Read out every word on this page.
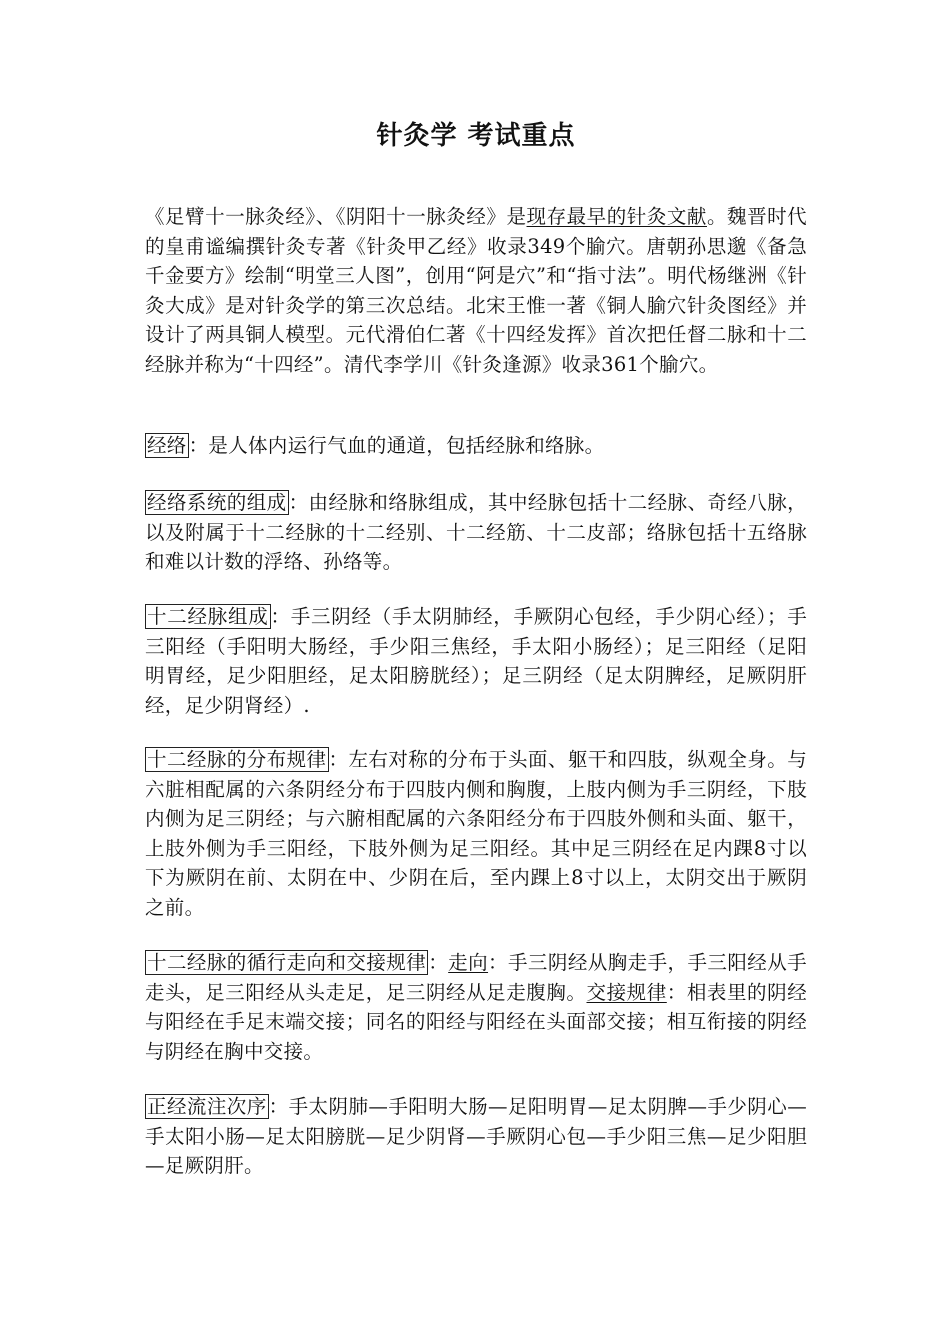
针灸学 考试重点

《足臂十一脉灸经》、《阴阳十一脉灸经》是现存最早的针灸文献。魏晋时代的皇甫谧编撰针灸专著《针灸甲乙经》收录349个腧穴。唐朝孙思邈《备急千金要方》绘制“明堂三人图”，创用“阿是穴”和“指寸法”。明代杨继洲《针灸大成》是对针灸学的第三次总结。北宋王惟一著《铜人腧穴针灸图经》并设计了两具铜人模型。元代滑伯仁著《十四经发挥》首次把任督二脉和十二经脉并称为“十四经”。清代李学川《针灸逢源》收录361个腧穴。

经络 ：是人体内运行气血的通道，包括经脉和络脉。

经络系统的组成 ：由经脉和络脉组成，其中经脉包括十二经脉、奇经八脉，以及附属于十二经脉的十二经别、十二经筋、十二皮部；络脉包括十五络脉和难以计数的浮络、孙络等。

十二经脉组成 ：手三阴经（手太阴肺经，手厥阴心包经，手少阴心经）；手三阳经（手阳明大肠经，手少阳三焦经，手太阳小肠经）；足三阳经（足阳明胃经，足少阳胆经，足太阳膀胱经）；足三阴经（足太阴脾经，足厥阴肝经，足少阴肾经）.

十二经脉的分布规律 ：左右对称的分布于头面、躯干和四肢，纵观全身。与六脏相配属的六条阴经分布于四肢内侧和胸腹，上肢内侧为手三阴经，下肢内侧为足三阴经；与六腑相配属的六条阳经分布于四肢外侧和头面、躯干，上肢外侧为手三阳经，下肢外侧为足三阳经。其中足三阴经在足内踝8寸以下为厥阴在前、太阴在中、少阴在后，至内踝上8寸以上，太阴交出于厥阴之前。

十二经脉的循行走向和交接规律 ：走向：手三阴经从胸走手，手三阳经从手走头，足三阳经从头走足，足三阴经从足走腹胸。交接规律：相表里的阴经与阳经在手足末端交接；同名的阳经与阳经在头面部交接；相互衔接的阴经与阴经在胸中交接。

正经流注次序 ：手太阴肺—手阳明大肠—足阳明胃—足太阴脾—手少阴心—手太阳小肠—足太阳膀胱—足少阴肾—手厥阴心包—手少阳三焦—足少阳胆—足厥阴肝。
